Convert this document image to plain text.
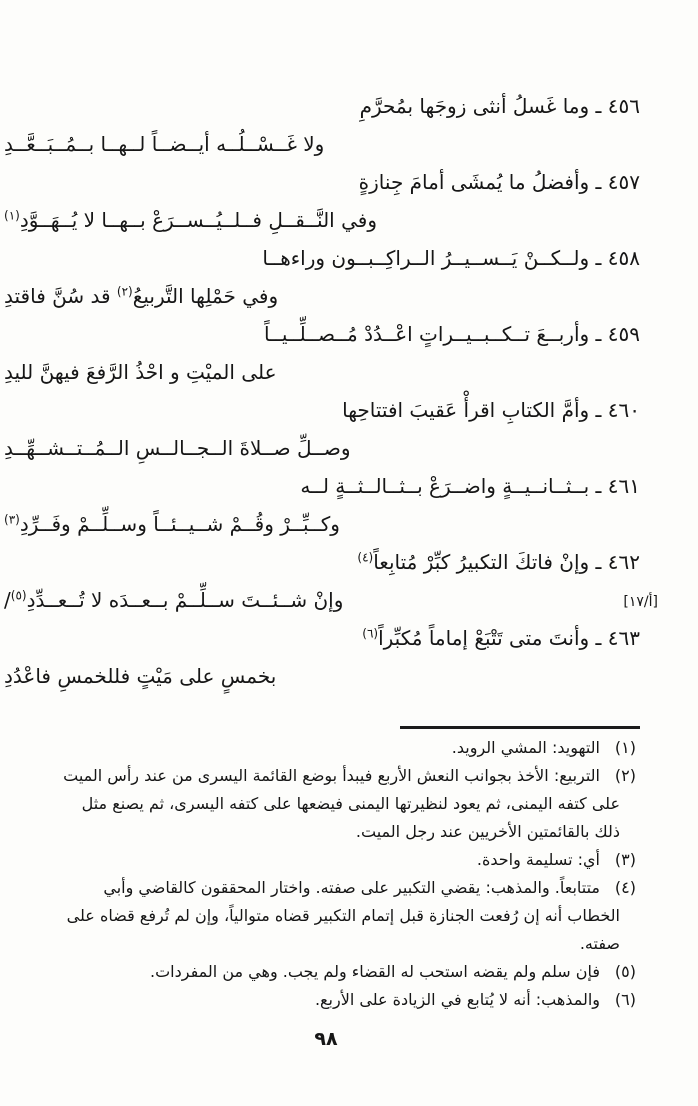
٤٥٦ ـ وما غَسلُ أنثى زوجَها بمُحرَّمِ
ولا غَــسْــلُــه أيــضــاً لــهــا بــمُــبَــعَّــدِ
٤٥٧ ـ وأفضلُ ما يُمشَى أمامَ جِنازةٍ
وفي النَّــقــلِ فــلــيُــســرَعْ بــهــا لا يُــهَــوَّدِ$^{(١)}$
٤٥٨ ـ ولــكــنْ يَــســيــرُ الــراكِــبــون وراءهــا
وفي حَمْلِها التَّربيعُ$^{(٢)}$ قد سُنَّ فاقتدِ
٤٥٩ ـ وأربــعَ تــكــبــيــراتٍ اعْــدُدْ مُــصــلِّــيــاً
على الميْتِ و احْذُ الرَّفعَ فيهنَّ لليدِ
٤٦٠ ـ وأمَّ الكتابِ اقرأْ عَقيبَ افتتاحِها
وصــلِّ صــلاةَ الــجــالــسِ الــمُــتــشــهِّــدِ
٤٦١ ـ بــثــانــيــةٍ واضــرَعْ بــثــالــثــةٍ لــه
وكــبِّــرْ وقُــمْ شــيــئــاً وســلِّــمْ وفَــرِّدِ$^{(٣)}$
٤٦٢ ـ وإنْ فاتكَ التكبيرُ كبِّرْ مُتابِعاً$^{(٤)}$
وإنْ شــئــتَ ســلِّــمْ بــعــدَه لا تُــعــدِّدِ$^{(٥)}$/
٤٦٣ ـ وأنتَ متى تَتْبَعْ إماماً مُكبِّراً$^{(٦)}$
بخمسٍ على مَيْتٍ فللخمسِ فاعْدُدِ
[أ/١٧]
(١)التهويد: المشي الرويد.
(٢)التربيع: الأخذ بجوانب النعش الأربع فيبدأ بوضع القائمة اليسرى من عند رأس الميت
على كتفه اليمنى، ثم يعود لنظيرتها اليمنى فيضعها على كتفه اليسرى، ثم يصنع مثل
ذلك بالقائمتين الأخريين عند رجل الميت.
(٣)أي: تسليمة واحدة.
(٤)متتابعاً. والمذهب: يقضي التكبير على صفته. واختار المحققون كالقاضي وأبي
الخطاب أنه إن رُفعت الجنازة قبل إتمام التكبير قضاه متوالياً، وإن لم تُرفع قضاه على
صفته.
(٥)فإن سلم ولم يقضه استحب له القضاء ولم يجب. وهي من المفردات.
(٦)والمذهب: أنه لا يُتابع في الزيادة على الأربع.
٩٨
